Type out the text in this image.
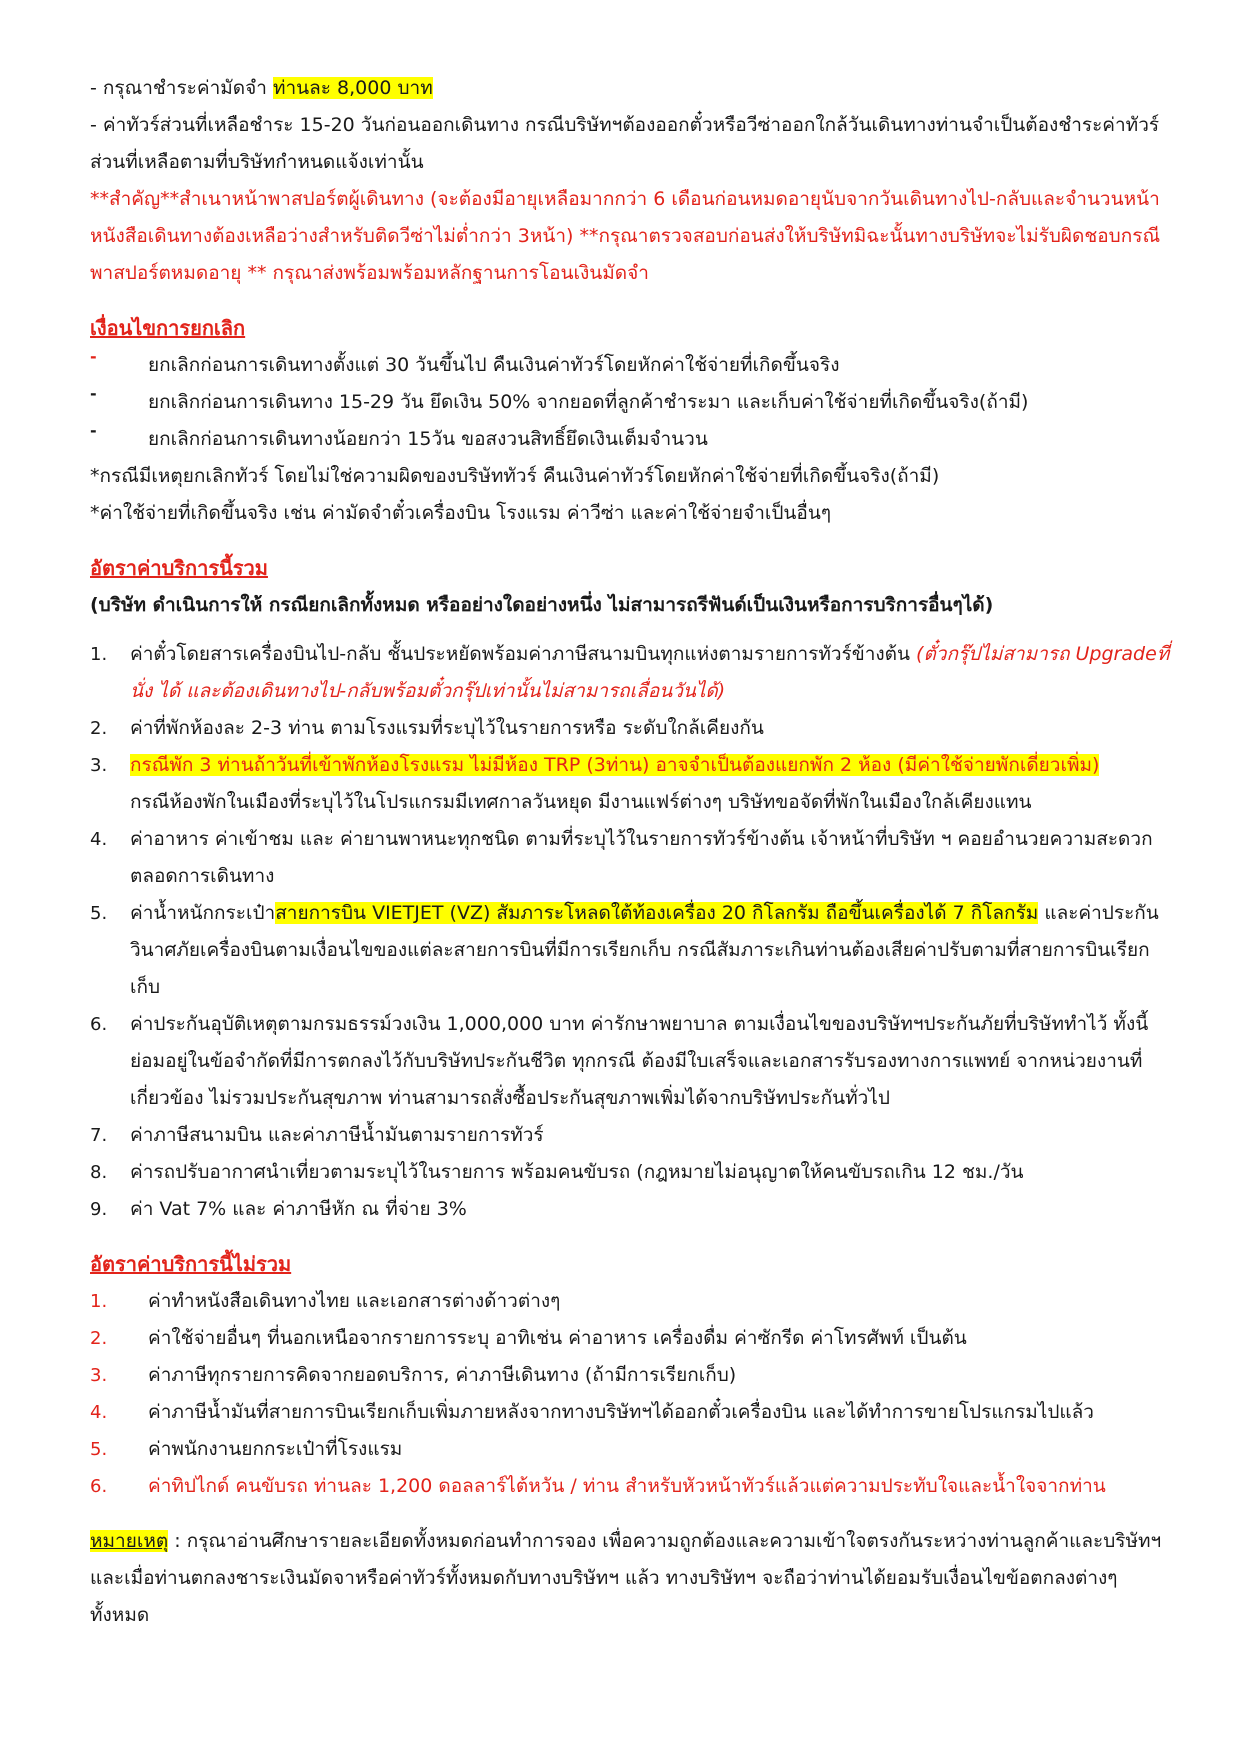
- กรุณาชำระค่ามัดจำ ท่านละ 8,000 บาท

- ค่าทัวร์ส่วนที่เหลือชำระ 15-20 วันก่อนออกเดินทาง กรณีบริษัทฯต้องออกตั๋วหรือวีซ่าออกใกล้วันเดินทางท่านจำเป็นต้องชำระค่าทัวร์ส่วนที่เหลือตามที่บริษัทกำหนดแจ้งเท่านั้น

**สำคัญ**สำเนาหน้าพาสปอร์ตผู้เดินทาง (จะต้องมีอายุเหลือมากกว่า 6 เดือนก่อนหมดอายุนับจากวันเดินทางไป-กลับและจำนวนหน้าหนังสือเดินทางต้องเหลือว่างสำหรับติดวีซ่าไม่ต่ำกว่า 3หน้า) **กรุณาตรวจสอบก่อนส่งให้บริษัทมิฉะนั้นทางบริษัทจะไม่รับผิดชอบกรณีพาสปอร์ตหมดอายุ ** กรุณาส่งพร้อมพร้อมหลักฐานการโอนเงินมัดจำ

เงื่อนไขการยกเลิก
-	ยกเลิกก่อนการเดินทางตั้งแต่ 30 วันขึ้นไป คืนเงินค่าทัวร์โดยหักค่าใช้จ่ายที่เกิดขึ้นจริง
-	ยกเลิกก่อนการเดินทาง 15-29 วัน ยึดเงิน 50% จากยอดที่ลูกค้าชำระมา และเก็บค่าใช้จ่ายที่เกิดขึ้นจริง(ถ้ามี)
-	ยกเลิกก่อนการเดินทางน้อยกว่า 15วัน ขอสงวนสิทธิ์ยึดเงินเต็มจำนวน

*กรณีมีเหตุยกเลิกทัวร์ โดยไม่ใช่ความผิดของบริษัททัวร์ คืนเงินค่าทัวร์โดยหักค่าใช้จ่ายที่เกิดขึ้นจริง(ถ้ามี)

*ค่าใช้จ่ายที่เกิดขึ้นจริง เช่น ค่ามัดจำตั๋วเครื่องบิน โรงแรม ค่าวีซ่า และค่าใช้จ่ายจำเป็นอื่นๆ

อัตราค่าบริการนี้รวม
(บริษัท ดำเนินการให้ กรณียกเลิกทั้งหมด หรืออย่างใดอย่างหนึ่ง ไม่สามารถรีฟันด์เป็นเงินหรือการบริการอื่นๆได้)
1.	ค่าตั๋วโดยสารเครื่องบินไป-กลับ ชั้นประหยัดพร้อมค่าภาษีสนามบินทุกแห่งตามรายการทัวร์ข้างต้น (ตั๋วกรุ๊ปไม่สามารถ Upgradeที่นั่ง ได้ และต้องเดินทางไป-กลับพร้อมตั๋วกรุ๊ปเท่านั้นไม่สามารถเลื่อนวันได้)

2.	ค่าที่พักห้องละ 2-3 ท่าน ตามโรงแรมที่ระบุไว้ในรายการหรือ ระดับใกล้เคียงกัน

3.	กรณีพัก 3 ท่านถ้าวันที่เข้าพักห้องโรงแรม ไม่มีห้อง TRP (3ท่าน) อาจจำเป็นต้องแยกพัก 2 ห้อง (มีค่าใช้จ่ายพักเดี่ยวเพิ่ม)
กรณีห้องพักในเมืองที่ระบุไว้ในโปรแกรมมีเทศกาลวันหยุด มีงานแฟร์ต่างๆ บริษัทขอจัดที่พักในเมืองใกล้เคียงแทน

4.	ค่าอาหาร ค่าเข้าชม และ ค่ายานพาหนะทุกชนิด ตามที่ระบุไว้ในรายการทัวร์ข้างต้น เจ้าหน้าที่บริษัท ฯ คอยอำนวยความสะดวกตลอดการเดินทาง

5.	ค่าน้ำหนักกระเป๋าสายการบิน VIETJET (VZ) สัมภาระโหลดใต้ท้องเครื่อง 20 กิโลกรัม ถือขึ้นเครื่องได้ 7 กิโลกรัม และค่าประกันวินาศภัยเครื่องบินตามเงื่อนไขของแต่ละสายการบินที่มีการเรียกเก็บ กรณีสัมภาระเกินท่านต้องเสียค่าปรับตามที่สายการบินเรียกเก็บ

6.	ค่าประกันอุบัติเหตุตามกรมธรรม์วงเงิน 1,000,000 บาท ค่ารักษาพยาบาล ตามเงื่อนไขของบริษัทฯประกันภัยที่บริษัททำไว้ ทั้งนี้ย่อมอยู่ในข้อจำกัดที่มีการตกลงไว้กับบริษัทประกันชีวิต ทุกกรณี ต้องมีใบเสร็จและเอกสารรับรองทางการแพทย์ จากหน่วยงานที่เกี่ยวข้อง ไม่รวมประกันสุขภาพ ท่านสามารถสั่งซื้อประกันสุขภาพเพิ่มได้จากบริษัทประกันทั่วไป

7.	ค่าภาษีสนามบิน และค่าภาษีน้ำมันตามรายการทัวร์

8.	ค่ารถปรับอากาศนำเที่ยวตามระบุไว้ในรายการ พร้อมคนขับรถ (กฎหมายไม่อนุญาตให้คนขับรถเกิน 12 ชม./วัน

9.	ค่า Vat 7% และ ค่าภาษีหัก ณ ที่จ่าย 3%

อัตราค่าบริการนี้ไม่รวม
1.	ค่าทำหนังสือเดินทางไทย และเอกสารต่างด้าวต่างๆ

2.	ค่าใช้จ่ายอื่นๆ ที่นอกเหนือจากรายการระบุ อาทิเช่น ค่าอาหาร เครื่องดื่ม ค่าซักรีด ค่าโทรศัพท์ เป็นต้น

3.	ค่าภาษีทุกรายการคิดจากยอดบริการ, ค่าภาษีเดินทาง (ถ้ามีการเรียกเก็บ)

4.	ค่าภาษีน้ำมันที่สายการบินเรียกเก็บเพิ่มภายหลังจากทางบริษัทฯได้ออกตั๋วเครื่องบิน และได้ทำการขายโปรแกรมไปแล้ว

5.	ค่าพนักงานยกกระเป๋าที่โรงแรม

6.	ค่าทิปไกด์ คนขับรถ ท่านละ 1,200 ดอลลาร์ไต้หวัน / ท่าน สำหรับหัวหน้าทัวร์แล้วแต่ความประทับใจและน้ำใจจากท่าน

หมายเหตุ : กรุณาอ่านศึกษารายละเอียดทั้งหมดก่อนทำการจอง เพื่อความถูกต้องและความเข้าใจตรงกันระหว่างท่านลูกค้าและบริษัทฯ และเมื่อท่านตกลงชาระเงินมัดจาหรือค่าทัวร์ทั้งหมดกับทางบริษัทฯ แล้ว ทางบริษัทฯ จะถือว่าท่านได้ยอมรับเงื่อนไขข้อตกลงต่างๆ ทั้งหมด
